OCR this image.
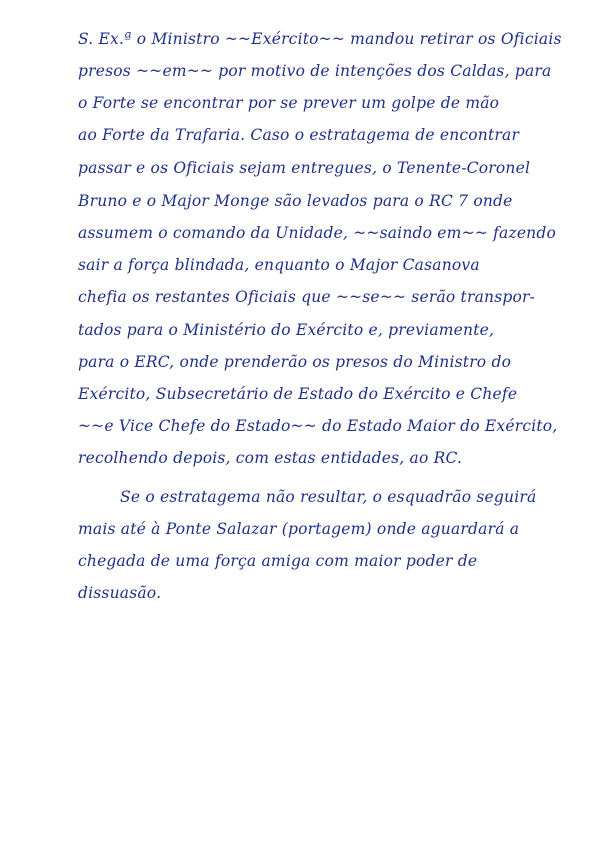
S. Ex.ª o Ministro ~~Exército~~ mandou retirar os Oficiais
presos ~~em~~ por motivo de intenções dos Caldas, para
o Forte se encontrar por se prever um golpe de mão
ao Forte da Trafaria. Caso o estratagema de encontrar
passar e os Oficiais sejam entregues, o Tenente-Coronel
Bruno e o Major Monge são levados para o RC 7 onde
assumem o comando da Unidade, ~~saindo em~~ fazendo
sair a força blindada, enquanto o Major Casanova
chefia os restantes Oficiais que ~~se~~ serão transpor-
tados para o Ministério do Exército e, previamente,
para o ERC, onde prenderão os presos do Ministro do
Exército, Subsecretário de Estado do Exército e Chefe
~~e Vice Chefe do Estado~~ do Estado Maior do Exército,
recolhendo depois, com estas entidades, ao RC.
Se o estratagema não resultar, o esquadrão seguirá
mais até à Ponte Salazar (portagem) onde aguardará a
chegada de uma força amiga com maior poder de
dissuasão.
